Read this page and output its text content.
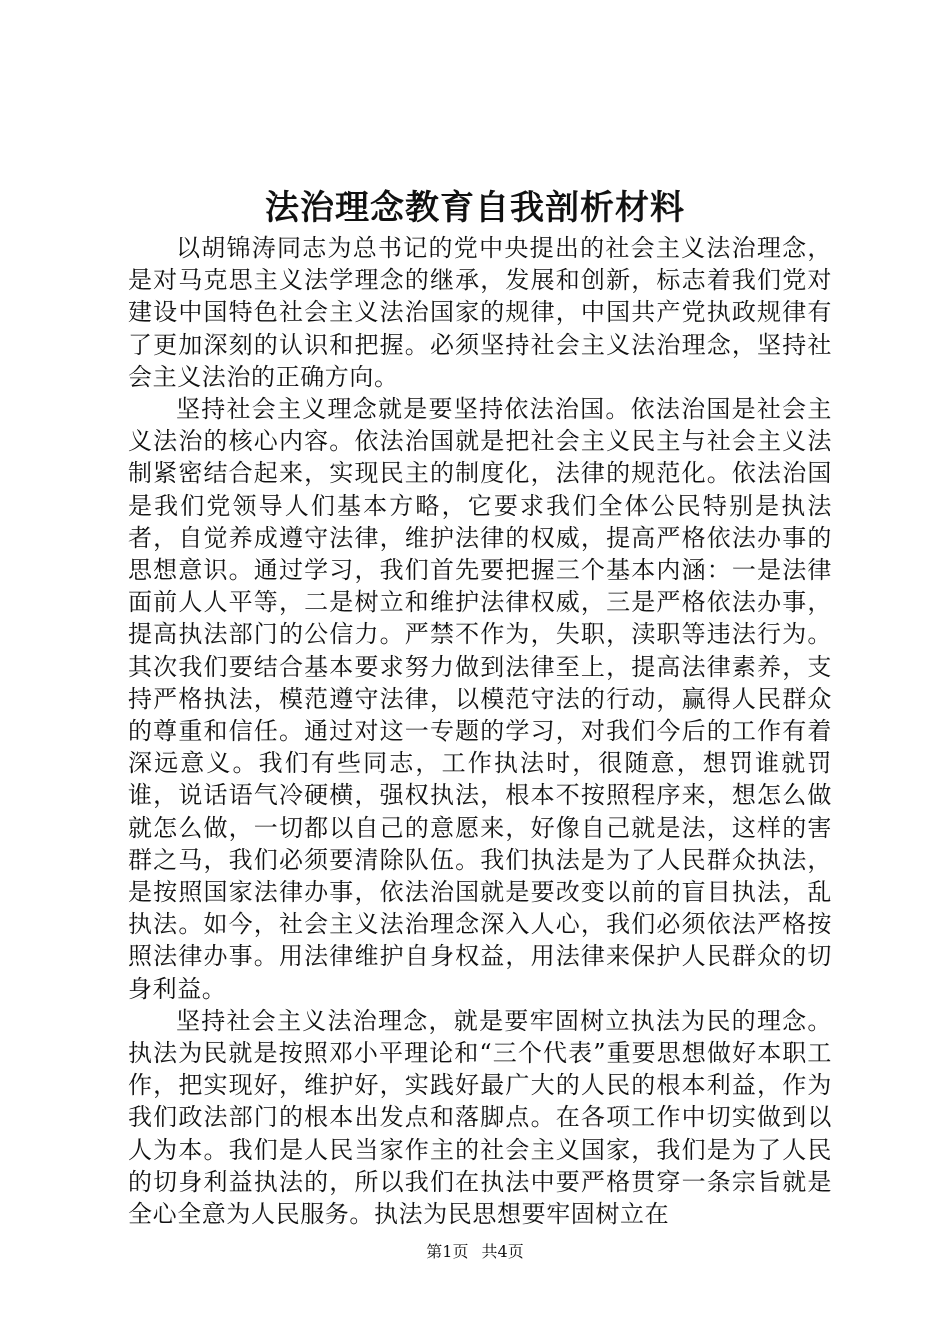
法治理念教育自我剖析材料

以胡锦涛同志为总书记的党中央提出的社会主义法治理念，是对马克思主义法学理念的继承，发展和创新，标志着我们党对建设中国特色社会主义法治国家的规律，中国共产党执政规律有了更加深刻的认识和把握。必须坚持社会主义法治理念，坚持社会主义法治的正确方向。

坚持社会主义理念就是要坚持依法治国。依法治国是社会主义法治的核心内容。依法治国就是把社会主义民主与社会主义法制紧密结合起来，实现民主的制度化，法律的规范化。依法治国是我们党领导人们基本方略，它要求我们全体公民特别是执法者，自觉养成遵守法律，维护法律的权威，提高严格依法办事的思想意识。通过学习，我们首先要把握三个基本内涵：一是法律面前人人平等，二是树立和维护法律权威，三是严格依法办事，提高执法部门的公信力。严禁不作为，失职，渎职等违法行为。其次我们要结合基本要求努力做到法律至上，提高法律素养，支持严格执法，模范遵守法律，以模范守法的行动，赢得人民群众的尊重和信任。通过对这一专题的学习，对我们今后的工作有着深远意义。我们有些同志，工作执法时，很随意，想罚谁就罚谁，说话语气冷硬横，强权执法，根本不按照程序来，想怎么做就怎么做，一切都以自己的意愿来，好像自己就是法，这样的害群之马，我们必须要清除队伍。我们执法是为了人民群众执法，是按照国家法律办事，依法治国就是要改变以前的盲目执法，乱执法。如今，社会主义法治理念深入人心，我们必须依法严格按照法律办事。用法律维护自身权益，用法律来保护人民群众的切身利益。

坚持社会主义法治理念，就是要牢固树立执法为民的理念。执法为民就是按照邓小平理论和“三个代表”重要思想做好本职工作，把实现好，维护好，实践好最广大的人民的根本利益，作为我们政法部门的根本出发点和落脚点。在各项工作中切实做到以人为本。我们是人民当家作主的社会主义国家，我们是为了人民的切身利益执法的，所以我们在执法中要严格贯穿一条宗旨就是全心全意为人民服务。执法为民思想要牢固树立在

第1页 共4页
